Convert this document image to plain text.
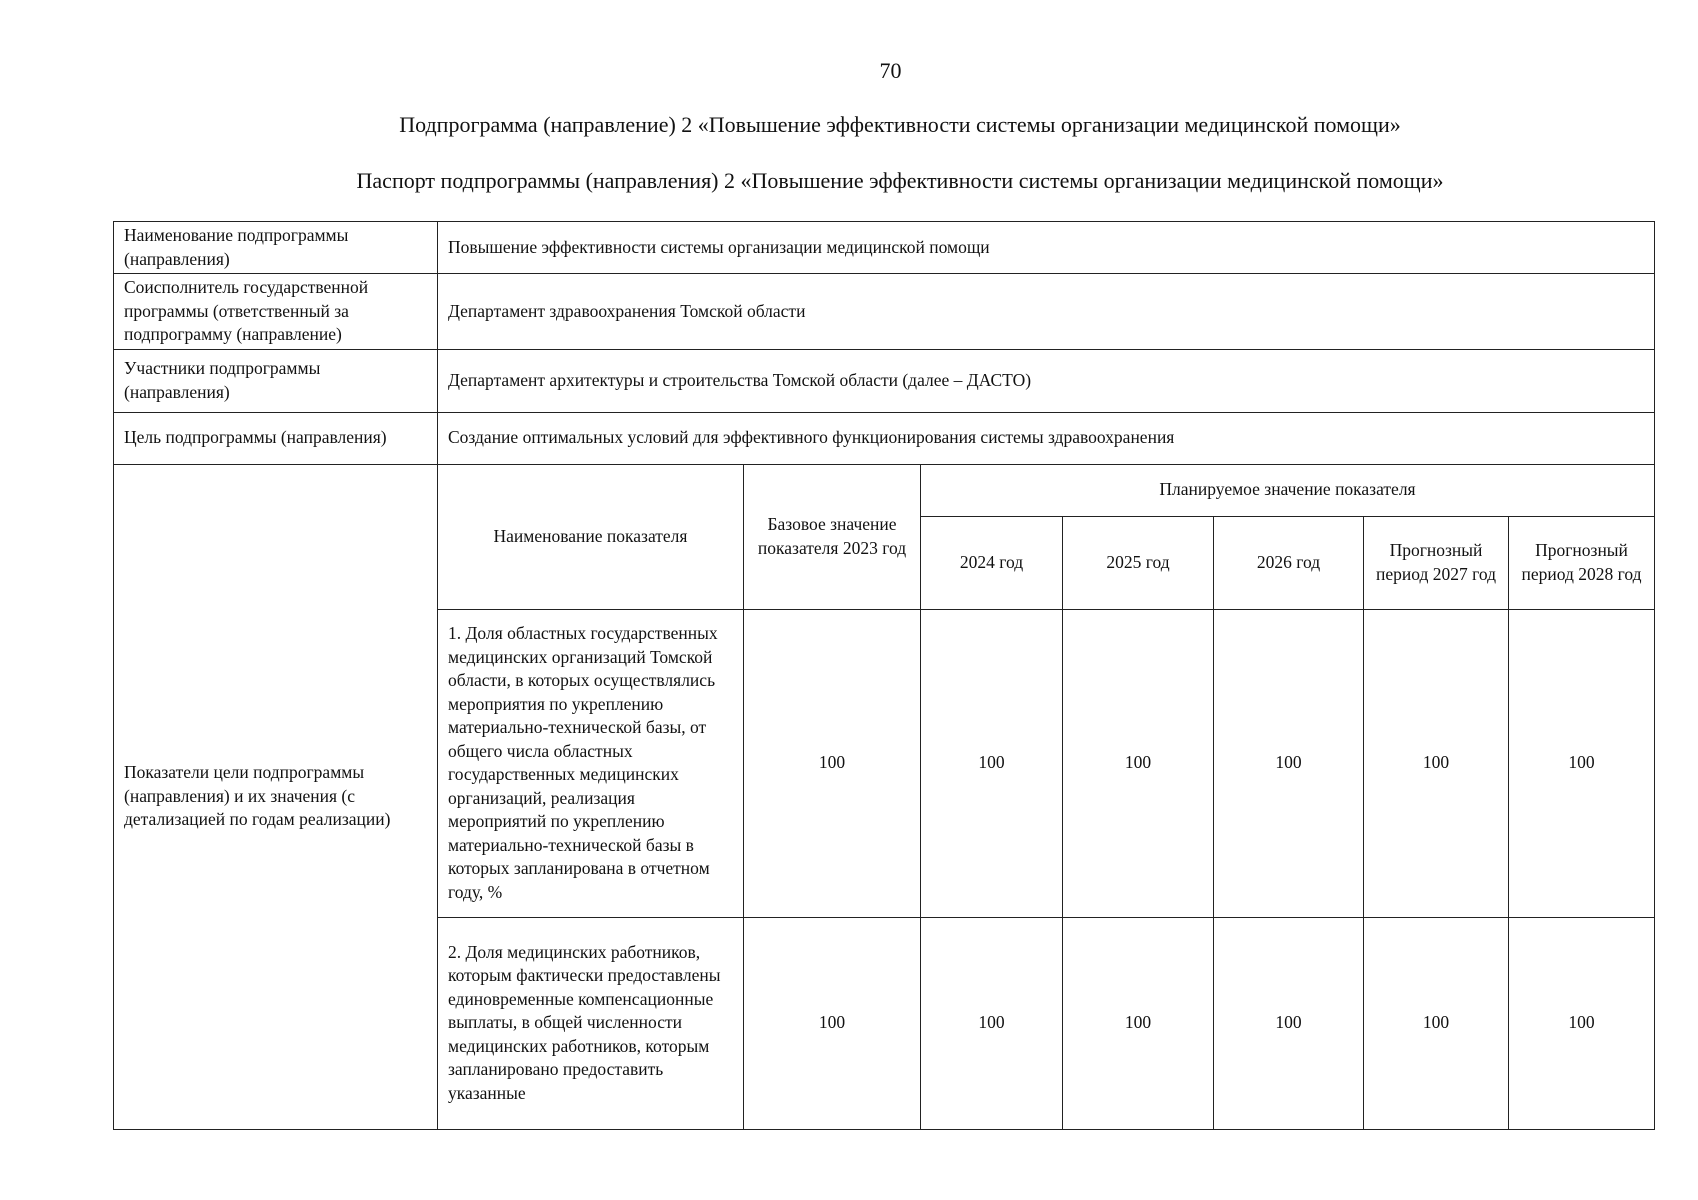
70
Подпрограмма (направление) 2 «Повышение эффективности системы организации медицинской помощи»
Паспорт подпрограммы (направления) 2 «Повышение эффективности системы организации медицинской помощи»
Наименование подпрограммы (направления)	Повышение эффективности системы организации медицинской помощи						
Соисполнитель государственной программы (ответственный за подпрограмму (направление)	Департамент здравоохранения Томской области						
Участники подпрограммы (направления)	Департамент архитектуры и строительства Томской области (далее – ДАСТО)						
Цель подпрограммы (направления)	Создание оптимальных условий для эффективного функционирования системы здравоохранения						
Показатели цели подпрограммы (направления) и их значения (с детализацией по годам реализации)	Наименование показателя	Базовое значение показателя 2023 год	Планируемое значение показателя				
			2024 год	2025 год	2026 год	Прогнозный период 2027 год	Прогнозный период 2028 год
	1. Доля областных государственных медицинских организаций Томской области, в которых осуществлялись мероприятия по укреплению материально-технической базы, от общего числа областных государственных медицинских организаций, реализация мероприятий по укреплению материально-технической базы в которых запланирована в отчетном году, %	100	100	100	100	100	100
	2. Доля медицинских работников, которым фактически предоставлены единовременные компенсационные выплаты, в общей численности медицинских работников, которым запланировано предоставить указанные	100	100	100	100	100	100
